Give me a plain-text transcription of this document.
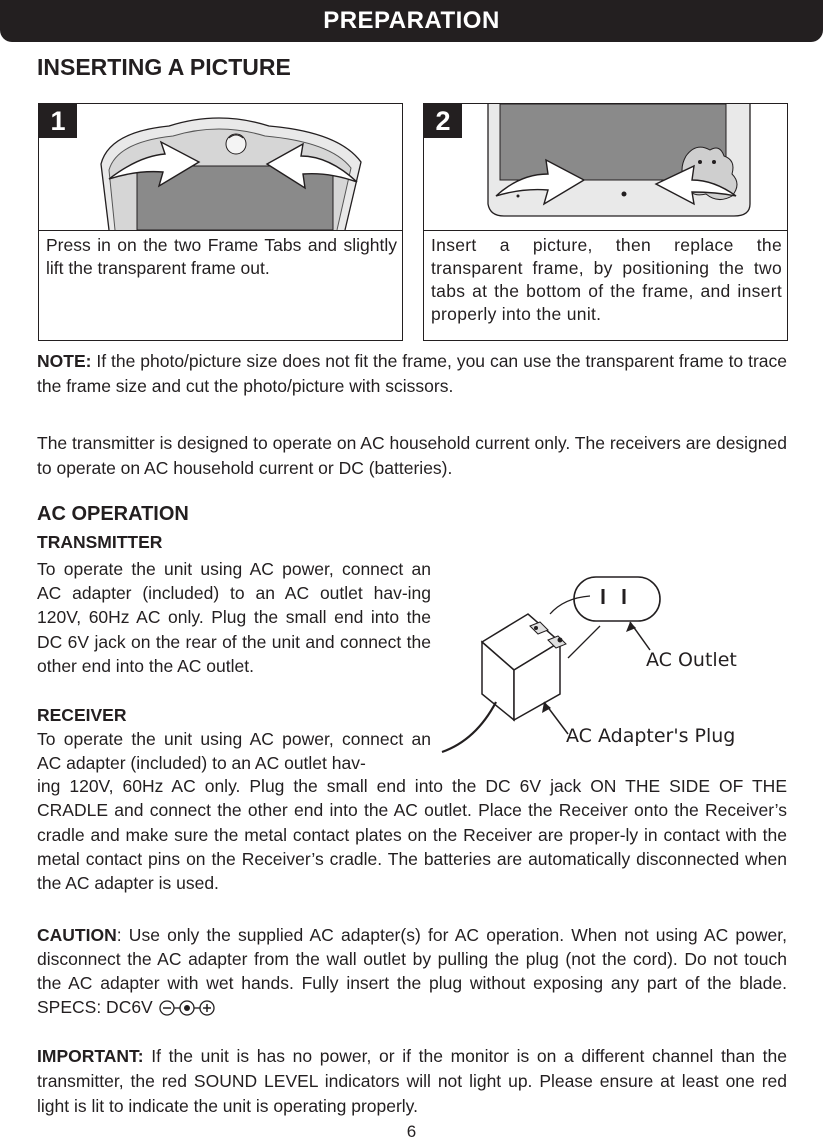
PREPARATION
INSERTING A PICTURE
1

Press in on the two Frame Tabs and slightly lift the transparent frame out.

2

Insert a picture, then replace the transparent frame, by positioning the two tabs at the bottom of the frame, and insert properly into the unit.

NOTE: If the photo/picture size does not fit the frame, you can use the transparent frame to trace the frame size and cut the photo/picture with scissors.

The transmitter is designed to operate on AC household current only. The receivers are designed to operate on AC household current or DC (batteries).

AC OPERATION
TRANSMITTER

To operate the unit using AC power, connect an AC adapter (included) to an AC outlet hav-ing 120V, 60Hz AC only. Plug the small end into the DC 6V jack on the rear of the unit and connect the other end into the AC outlet.

RECEIVER

To operate the unit using AC power, connect an AC adapter (included) to an AC outlet hav-

ing 120V, 60Hz AC only. Plug the small end into the DC 6V jack ON THE SIDE OF THE CRADLE and connect the other end into the AC outlet. Place the Receiver onto the Receiver’s cradle and make sure the metal contact plates on the Receiver are proper-ly in contact with the metal contact pins on the Receiver’s cradle. The batteries are automatically disconnected when the AC adapter is used.

AC Outlet
AC Adapter's Plug

CAUTION: Use only the supplied AC adapter(s) for AC operation. When not using AC power, disconnect the AC adapter from the wall outlet by pulling the plug (not the cord). Do not touch the AC adapter with wet hands. Fully insert the plug without exposing any part of the blade. SPECS: DC6V

IMPORTANT: If the unit is has no power, or if the monitor is on a different channel than the transmitter, the red SOUND LEVEL indicators will not light up. Please ensure at least one red light is lit to indicate the unit is operating properly.

6
